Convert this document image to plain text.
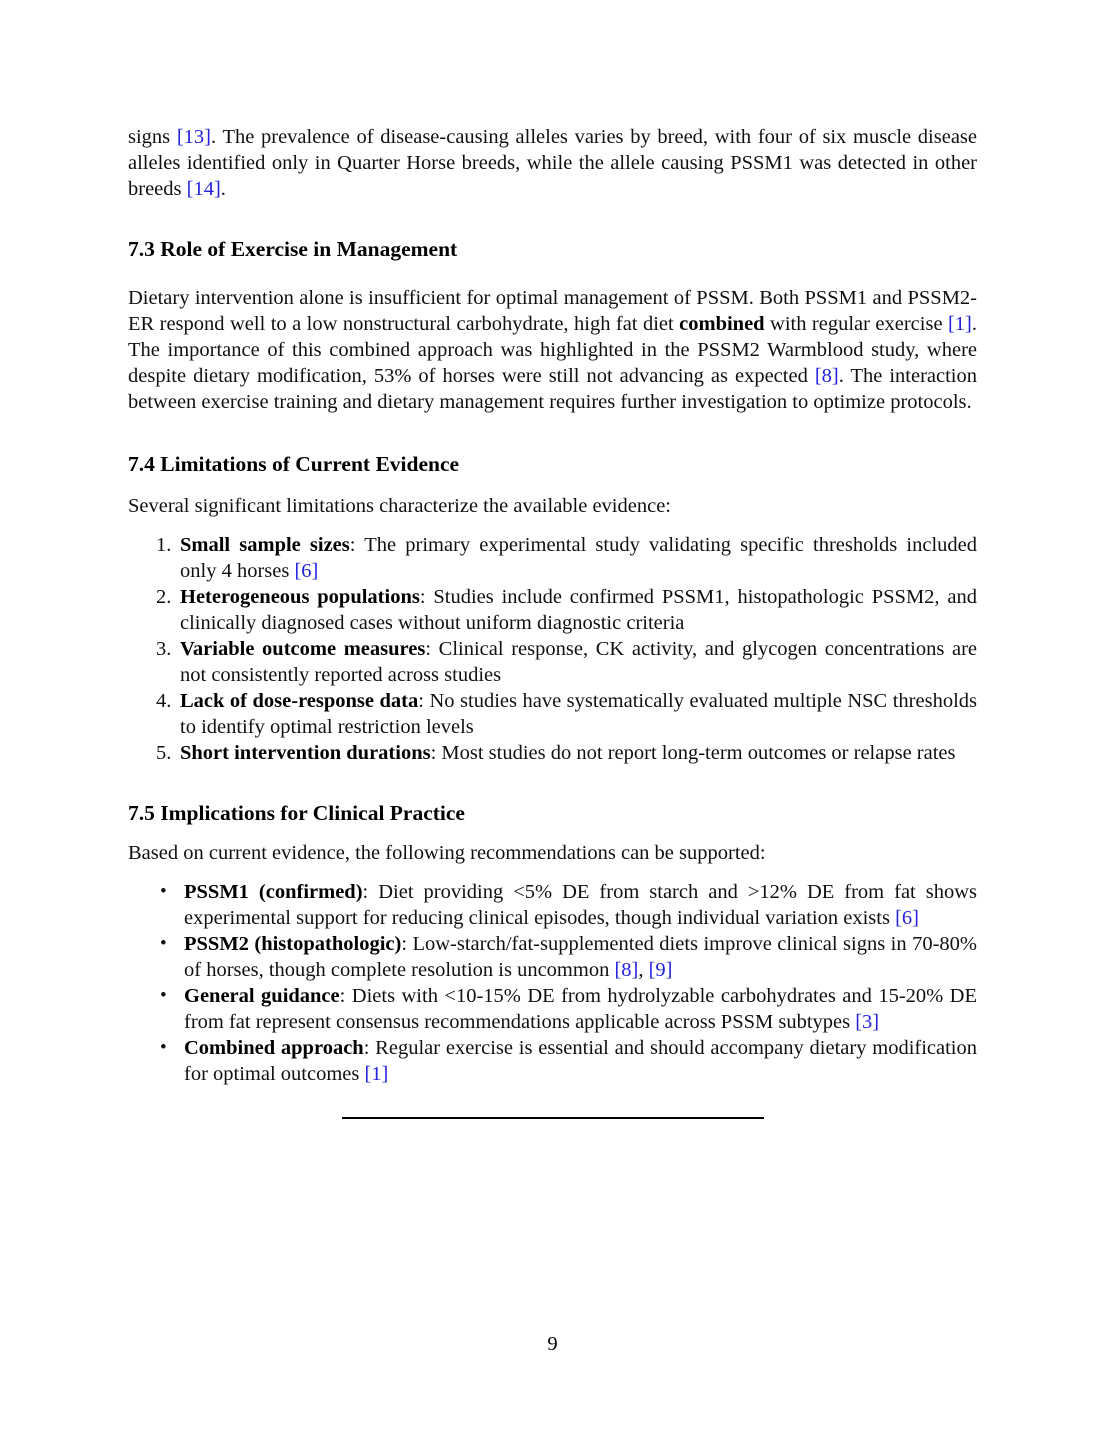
signs [13]. The prevalence of disease-causing alleles varies by breed, with four of six muscle disease alleles identified only in Quarter Horse breeds, while the allele causing PSSM1 was detected in other breeds [14].

7.3 Role of Exercise in Management

Dietary intervention alone is insufficient for optimal management of PSSM. Both PSSM1 and PSSM2-ER respond well to a low nonstructural carbohydrate, high fat diet combined with regular exercise [1]. The importance of this combined approach was highlighted in the PSSM2 Warmblood study, where despite dietary modification, 53% of horses were still not advancing as expected [8]. The interaction between exercise training and dietary management requires further investigation to optimize protocols.

7.4 Limitations of Current Evidence

Several significant limitations characterize the available evidence:

1. Small sample sizes: The primary experimental study validating specific thresholds included only 4 horses [6]
2. Heterogeneous populations: Studies include confirmed PSSM1, histopathologic PSSM2, and clinically diagnosed cases without uniform diagnostic criteria
3. Variable outcome measures: Clinical response, CK activity, and glycogen concentrations are not consistently reported across studies
4. Lack of dose-response data: No studies have systematically evaluated multiple NSC thresholds to identify optimal restriction levels
5. Short intervention durations: Most studies do not report long-term outcomes or relapse rates
7.5 Implications for Clinical Practice

Based on current evidence, the following recommendations can be supported:

• PSSM1 (confirmed): Diet providing <5% DE from starch and >12% DE from fat shows experimental support for reducing clinical episodes, though individual variation exists [6]
• PSSM2 (histopathologic): Low-starch/fat-supplemented diets improve clinical signs in 70-80% of horses, though complete resolution is uncommon [8], [9]
• General guidance: Diets with <10-15% DE from hydrolyzable carbohydrates and 15-20% DE from fat represent consensus recommendations applicable across PSSM subtypes [3]
• Combined approach: Regular exercise is essential and should accompany dietary modification for optimal outcomes [1]
9
